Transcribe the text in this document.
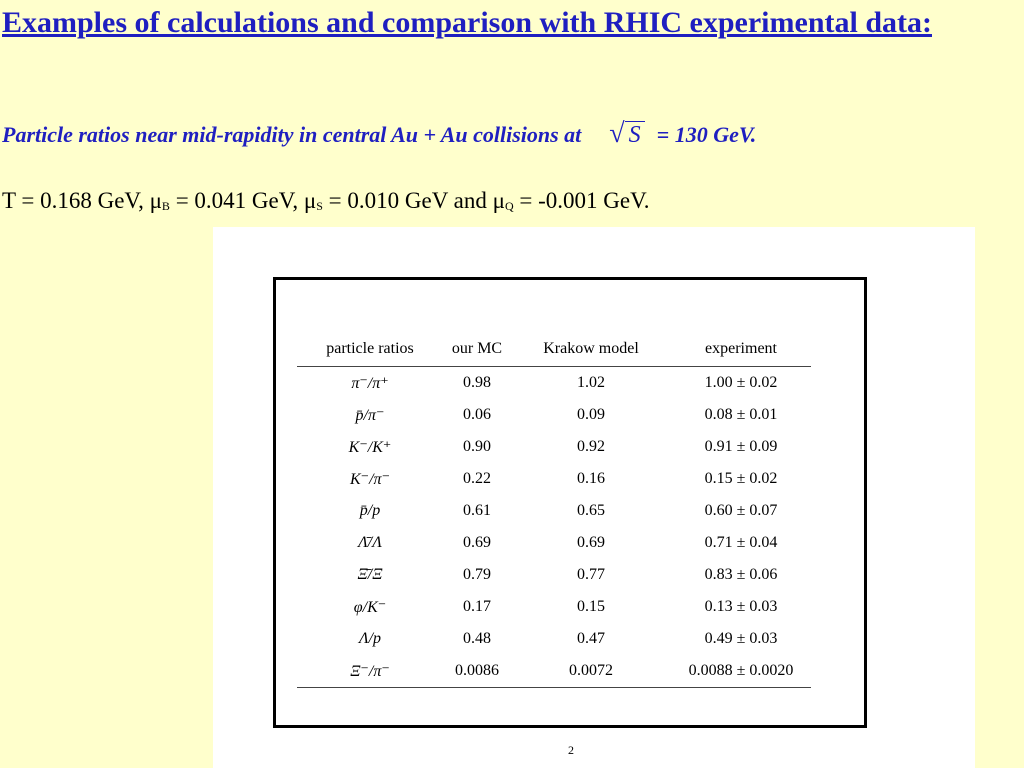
Examples of calculations and comparison with RHIC experimental data:
Particle ratios near mid-rapidity in central Au + Au collisions at √ S = 130 GeV.
T = 0.168 GeV, $\mu_B = 0.041$ GeV, $\mu_S = 0.010$ GeV and $\mu_Q = -0.001$ GeV.
particle ratios	our MC	Krakow model	experiment
π⁻/π⁺	0.98	1.02	1.00 ± 0.02
p̄/π⁻	0.06	0.09	0.08 ± 0.01
K⁻/K⁺	0.90	0.92	0.91 ± 0.09
K⁻/π⁻	0.22	0.16	0.15 ± 0.02
p̄/p	0.61	0.65	0.60 ± 0.07
Λ̄/Λ	0.69	0.69	0.71 ± 0.04
Ξ̄/Ξ	0.79	0.77	0.83 ± 0.06
φ/K⁻	0.17	0.15	0.13 ± 0.03
Λ/p	0.48	0.47	0.49 ± 0.03
Ξ⁻/π⁻	0.0086	0.0072	0.0088 ± 0.0020
2
